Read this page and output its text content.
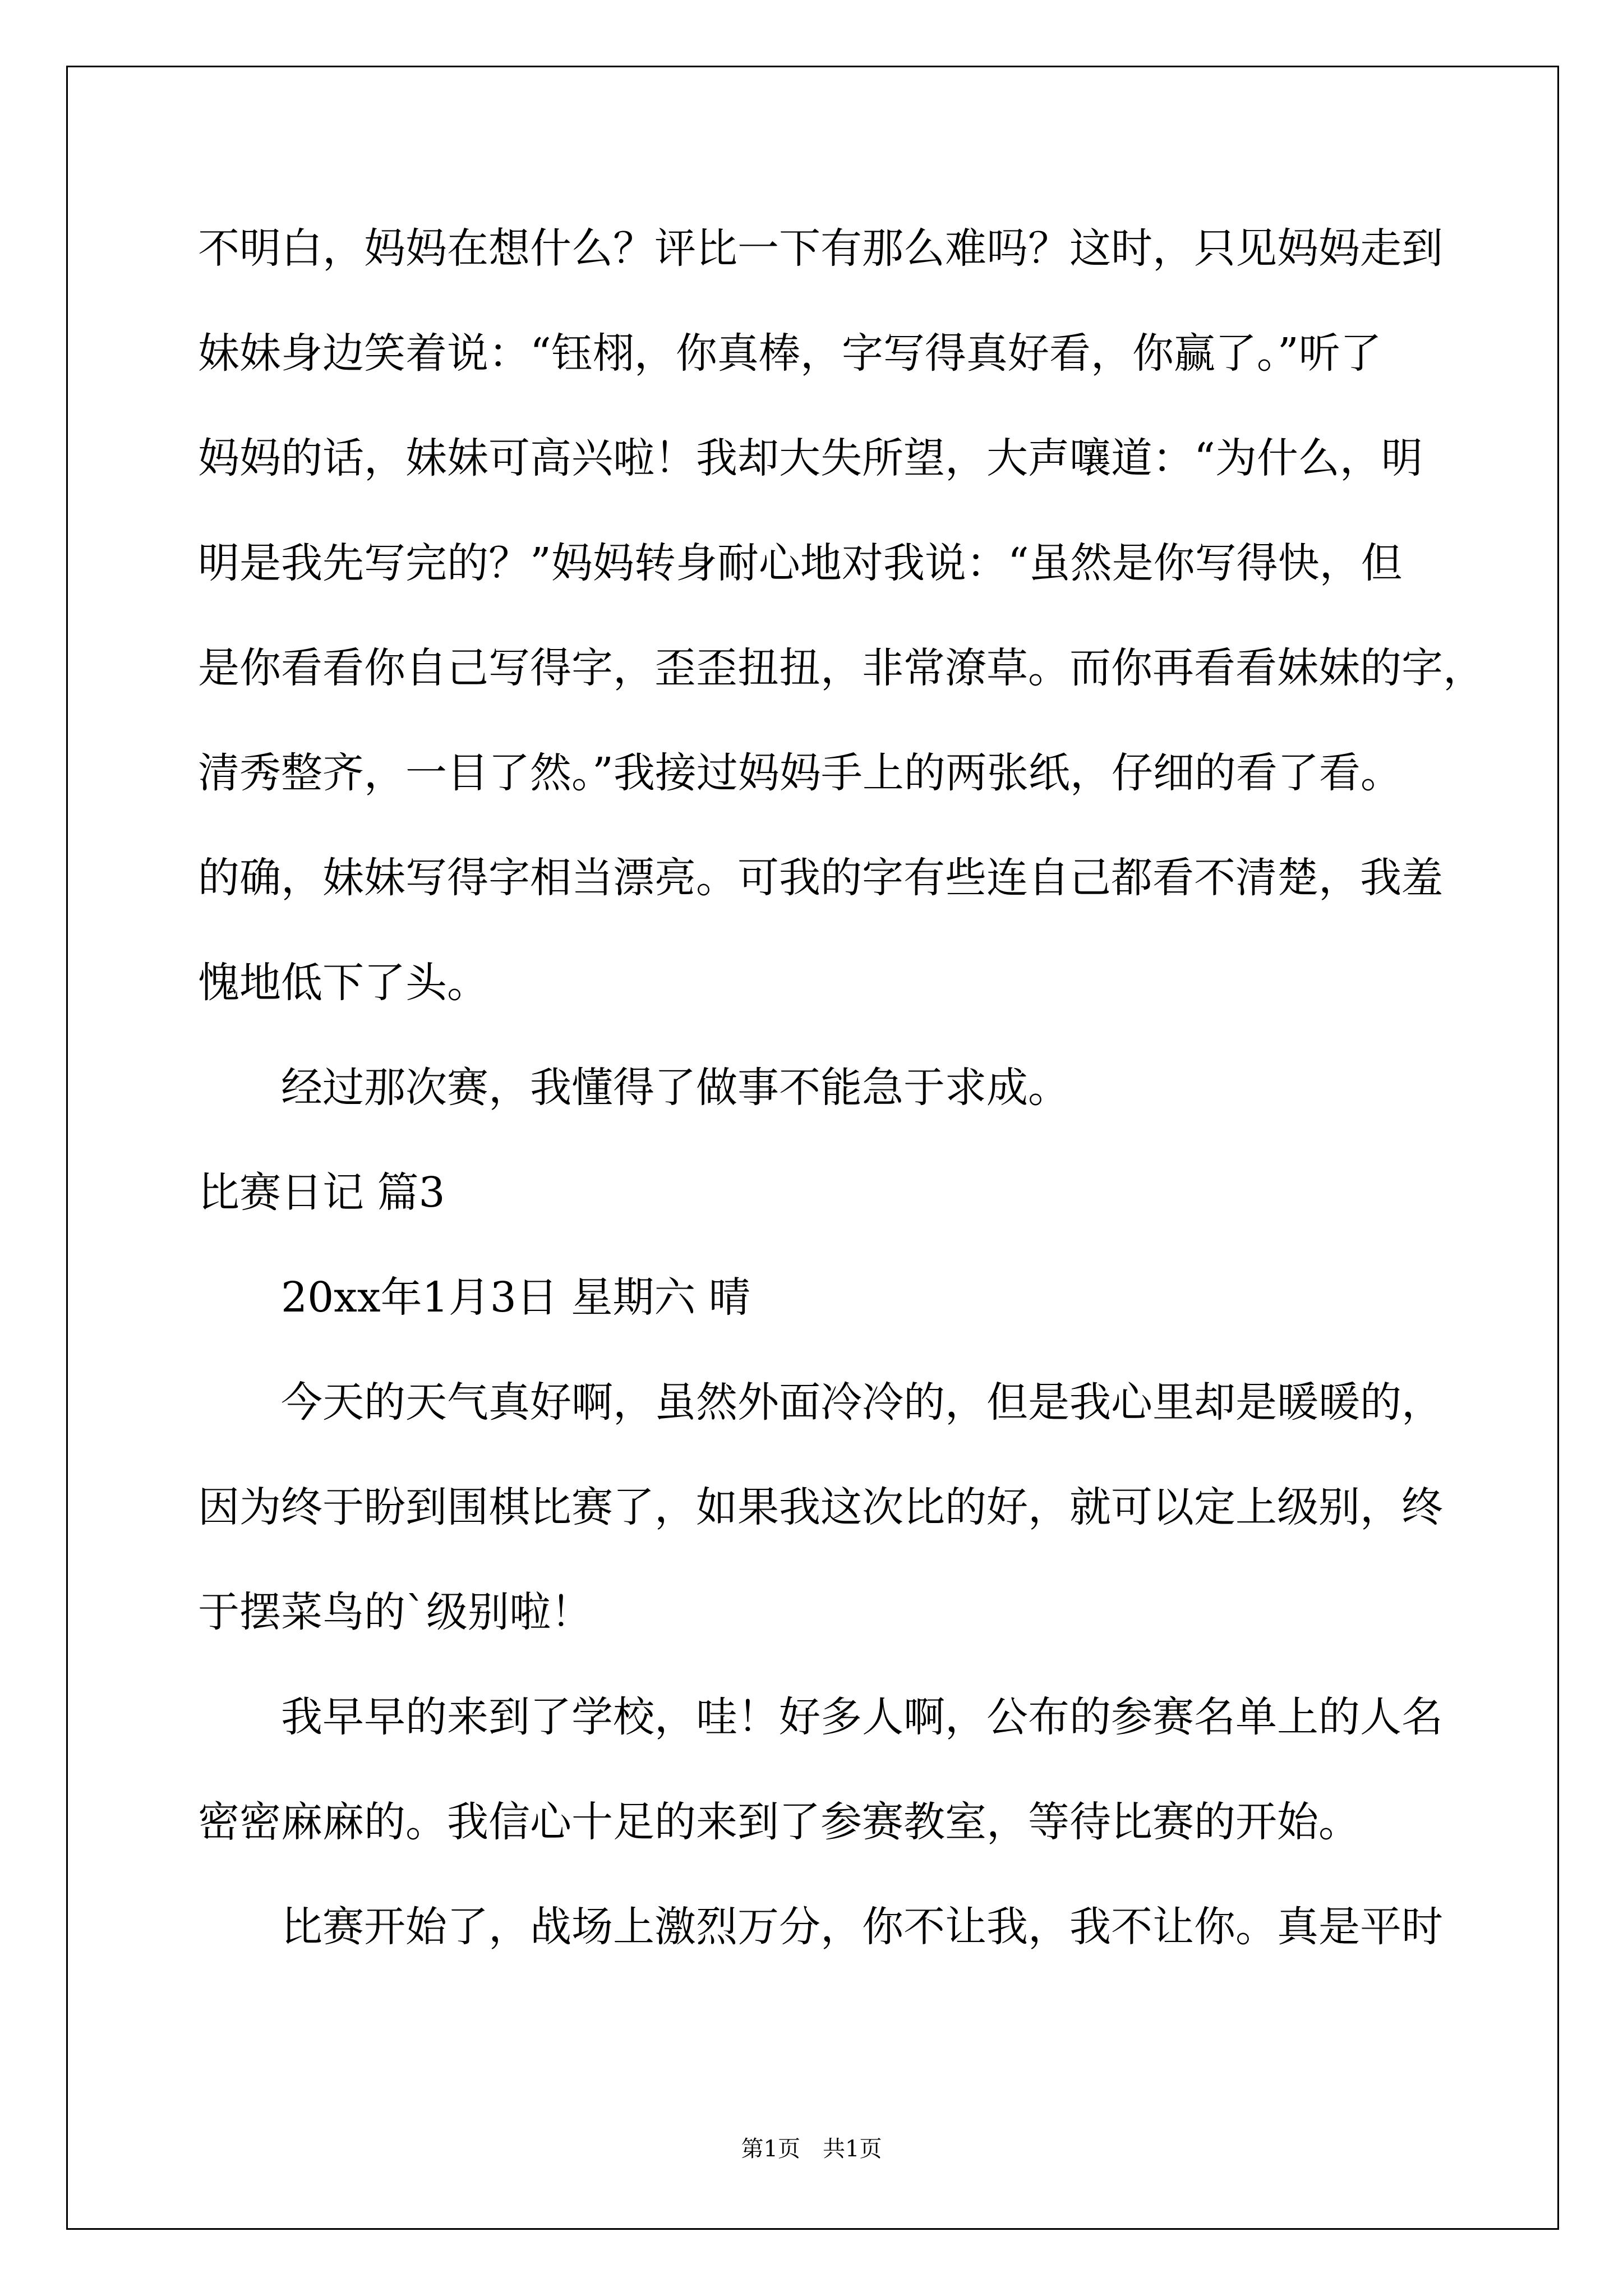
不明白，妈妈在想什么？评比一下有那么难吗？这时，只见妈妈走到
妹妹身边笑着说：“钰栩，你真棒，字写得真好看，你赢了。”听了
妈妈的话，妹妹可高兴啦！我却大失所望，大声嚷道：“为什么，明
明是我先写完的？”妈妈转身耐心地对我说：“虽然是你写得快，但
是你看看你自己写得字，歪歪扭扭，非常潦草。而你再看看妹妹的字，
清秀整齐，一目了然。”我接过妈妈手上的两张纸，仔细的看了看。
的确，妹妹写得字相当漂亮。可我的字有些连自己都看不清楚，我羞
愧地低下了头。
　　经过那次赛，我懂得了做事不能急于求成。
比赛日记 篇3
　　20xx年1月3日 星期六 晴
　　今天的天气真好啊，虽然外面冷冷的，但是我心里却是暖暖的，
因为终于盼到围棋比赛了，如果我这次比的好，就可以定上级别，终
于摆菜鸟的`级别啦！
　　我早早的来到了学校，哇！好多人啊，公布的参赛名单上的人名
密密麻麻的。我信心十足的来到了参赛教室，等待比赛的开始。
　　比赛开始了，战场上激烈万分，你不让我，我不让你。真是平时
第1页　共1页
